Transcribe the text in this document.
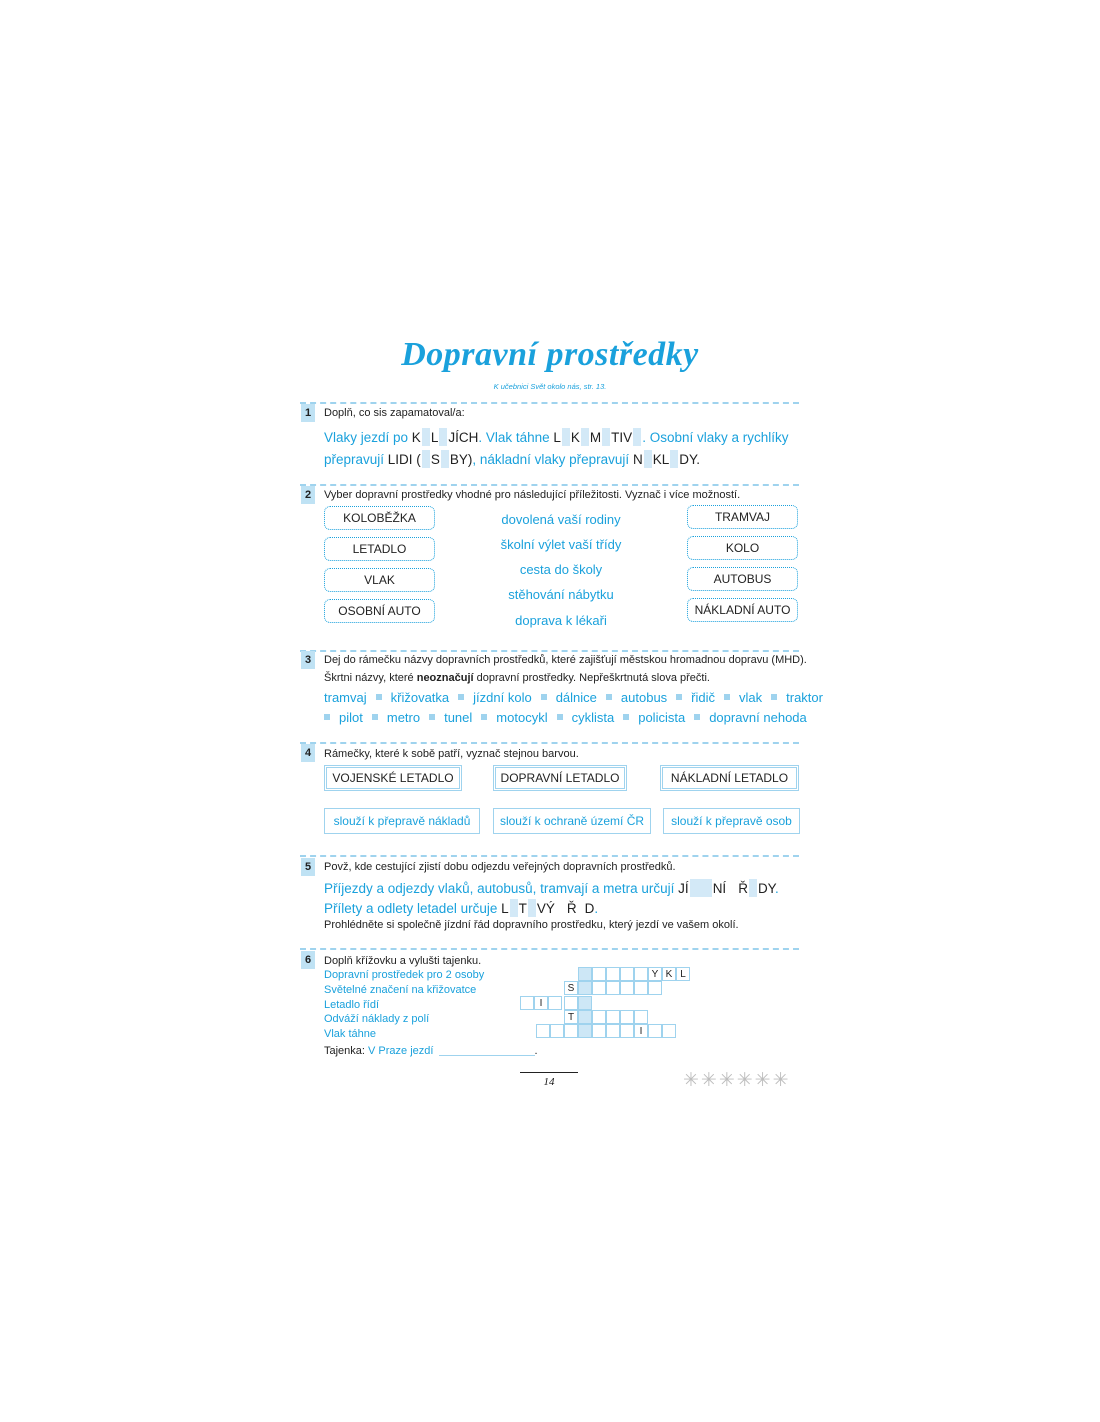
Dopravní prostředky
K učebnici Svět okolo nás, str. 13.
1	Doplň, co sis zapamatoval/a:
Vlaky jezdí po K L JÍCH. Vlak táhne L K M TIV . Osobní vlaky a rychlíky
přepravují LIDI ( S BY), nákladní vlaky přepravují N KL DY.
2	Vyber dopravní prostředky vhodné pro následující příležitosti. Vyznač i více možností.
KOLOBĚŽKA
LETADLO
VLAK
OSOBNÍ AUTO
dovolená vaší rodiny
školní výlet vaší třídy
cesta do školy
stěhování nábytku
doprava k lékaři
TRAMVAJ
KOLO
AUTOBUS
NÁKLADNÍ AUTO
3	Dej do rámečku názvy dopravních prostředků, které zajišťují městskou hromadnou dopravu (MHD).
Škrtni názvy, které neoznačují dopravní prostředky. Nepřeškrtnutá slova přečti.
tramvaj křižovatka jízdní kolo dálnice autobus řidič vlak traktor
pilot metro tunel motocykl cyklista policista dopravní nehoda
4	Rámečky, které k sobě patří, vyznač stejnou barvou.
VOJENSKÉ LETADLO	DOPRAVNÍ LETADLO	NÁKLADNÍ LETADLO
slouží k přepravě nákladů	slouží k ochraně území ČR	slouží k přepravě osob
5	Povž, kde cestující zjistí dobu odjezdu veřejných dopravních prostředků.
Příjezdy a odjezdy vlaků, autobusů, tramvají a metra určují JÍ NÍ Ř DY.
Přílety a odlety letadel určuje L T VÝ Ř D.
Prohlédněte si společně jízdní řád dopravního prostředku, který jezdí ve vašem okolí.
6	Doplň křížovku a vylušti tajenku.
Dopravní prostředek pro 2 osoby
Světelné značení na křižovatce
Letadlo řídí
Odváží náklady z polí
Vlak táhne
Y K L
S
I
T
I
Tajenka: V Praze jezdí	.
14	✳✳✳✳✳✳
